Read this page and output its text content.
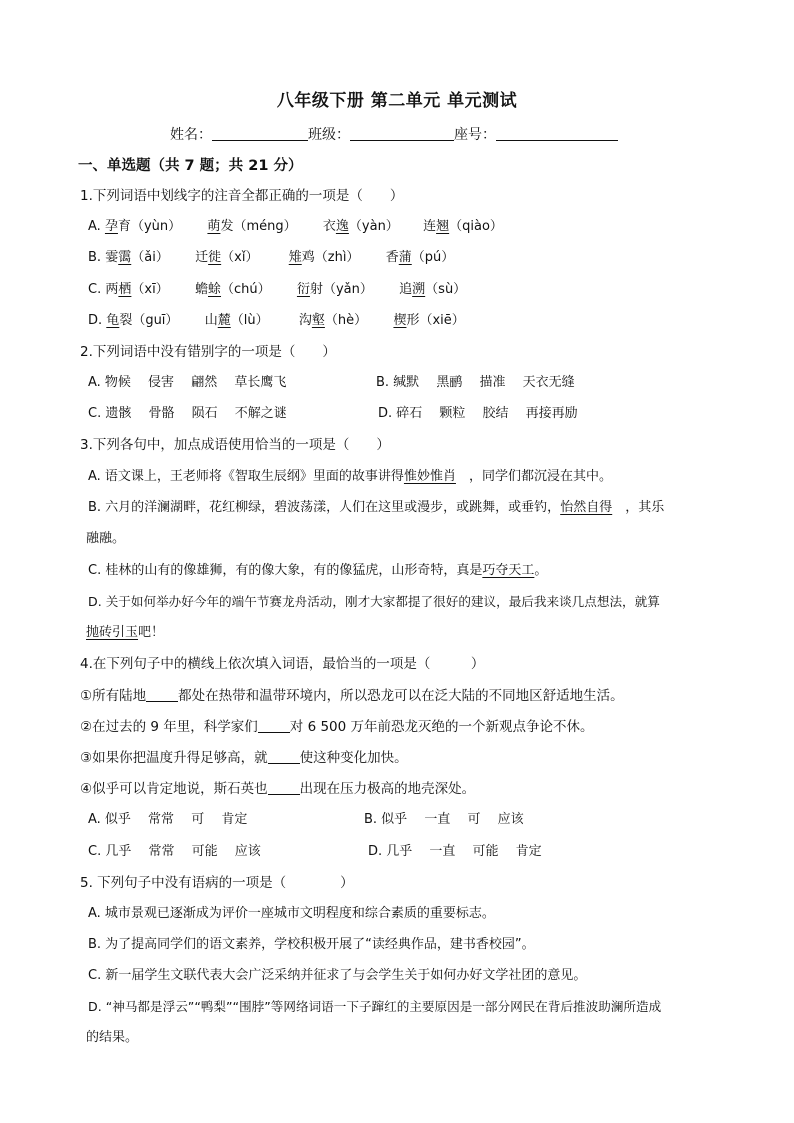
八年级下册 第二单元 单元测试
姓名：	班级：	座号：
一、单选题（共 7 题；共 21 分）
1.下列词语中划线字的注音全都正确的一项是（　　）
A. 孕育（yùn） 萌发（méng） 衣逸（yàn） 连翘（qiào）
B. 霎霭（ǎi） 迁徙（xǐ） 雉鸡（zhì） 香蒲（pú）
C. 两栖（xī） 蟾蜍（chú） 衍射（yǎn） 追溯（sù）
D. 龟裂（guī） 山麓（lù） 沟壑（hè） 楔形（xiē）
2.下列词语中没有错别字的一项是（　　）
A. 物候　 侵害　 翩然　 草长鹰飞	B. 缄默　 黑鹂　 描准　 天衣无缝
C. 遗骸　 骨骼　 陨石　 不解之谜	D. 碎石　 颗粒　 胶结　 再接再励
3.下列各句中，加点成语使用恰当的一项是（　　）
A. 语文课上，王老师将《智取生辰纲》里面的故事讲得惟妙惟肖　，同学们都沉浸在其中。
B. 六月的洋澜湖畔，花红柳绿，碧波荡漾，人们在这里或漫步，或跳舞，或垂钓，怡然自得　，其乐
融融。
C. 桂林的山有的像雄狮，有的像大象，有的像猛虎，山形奇特，真是巧夺天工。
D. 关于如何举办好今年的端午节赛龙舟活动，刚才大家都提了很好的建议，最后我来谈几点想法，就算
抛砖引玉吧！
4.在下列句子中的横线上依次填入词语，最恰当的一项是（　　　）
①所有陆地 都处在热带和温带环境内，所以恐龙可以在泛大陆的不同地区舒适地生活。
②在过去的 9 年里，科学家们 对 6 500 万年前恐龙灭绝的一个新观点争论不休。
③如果你把温度升得足够高，就 使这种变化加快。
④似乎可以肯定地说，斯石英也 出现在压力极高的地壳深处。
A. 似乎　 常常　 可　 肯定	B. 似乎　 一直　 可　 应该
C. 几乎　 常常　 可能　 应该	D. 几乎　 一直　 可能　 肯定
5. 下列句子中没有语病的一项是（　　　　）
A. 城市景观已逐渐成为评价一座城市文明程度和综合素质的重要标志。
B. 为了提高同学们的语文素养，学校积极开展了“读经典作品，建书香校园”。
C. 新一届学生文联代表大会广泛采纳并征求了与会学生关于如何办好文学社团的意见。
D. “神马都是浮云”“鸭梨”“围脖”等网络词语一下子蹿红的主要原因是一部分网民在背后推波助澜所造成
的结果。
